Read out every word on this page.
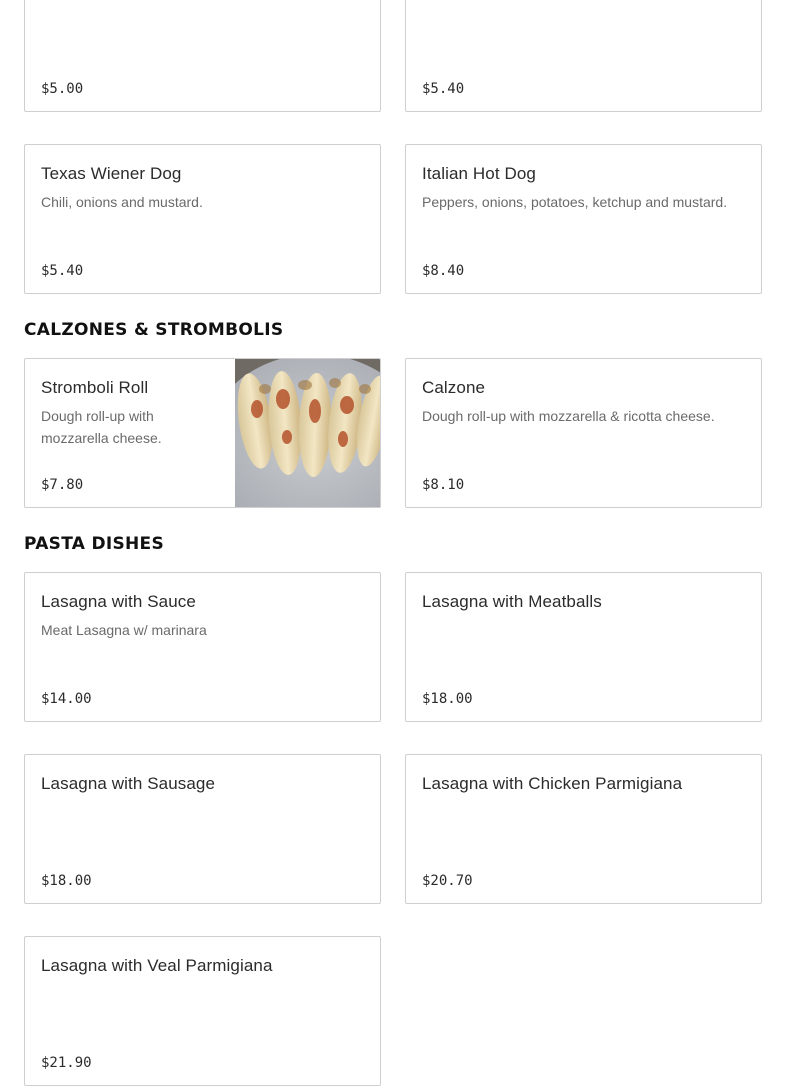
$5.00	$5.40
Texas Wiener Dog
Chili, onions and mustard.
$5.40
Italian Hot Dog
Peppers, onions, potatoes, ketchup and mustard.
$8.40
CALZONES & STROMBOLIS
Stromboli Roll
Dough roll-up with mozzarella cheese.
$7.80
Calzone
Dough roll-up with mozzarella & ricotta cheese.
$8.10
PASTA DISHES
Lasagna with Sauce
Meat Lasagna w/ marinara
$14.00
Lasagna with Meatballs
$18.00
Lasagna with Sausage
$18.00
Lasagna with Chicken Parmigiana
$20.70
Lasagna with Veal Parmigiana
$21.90
